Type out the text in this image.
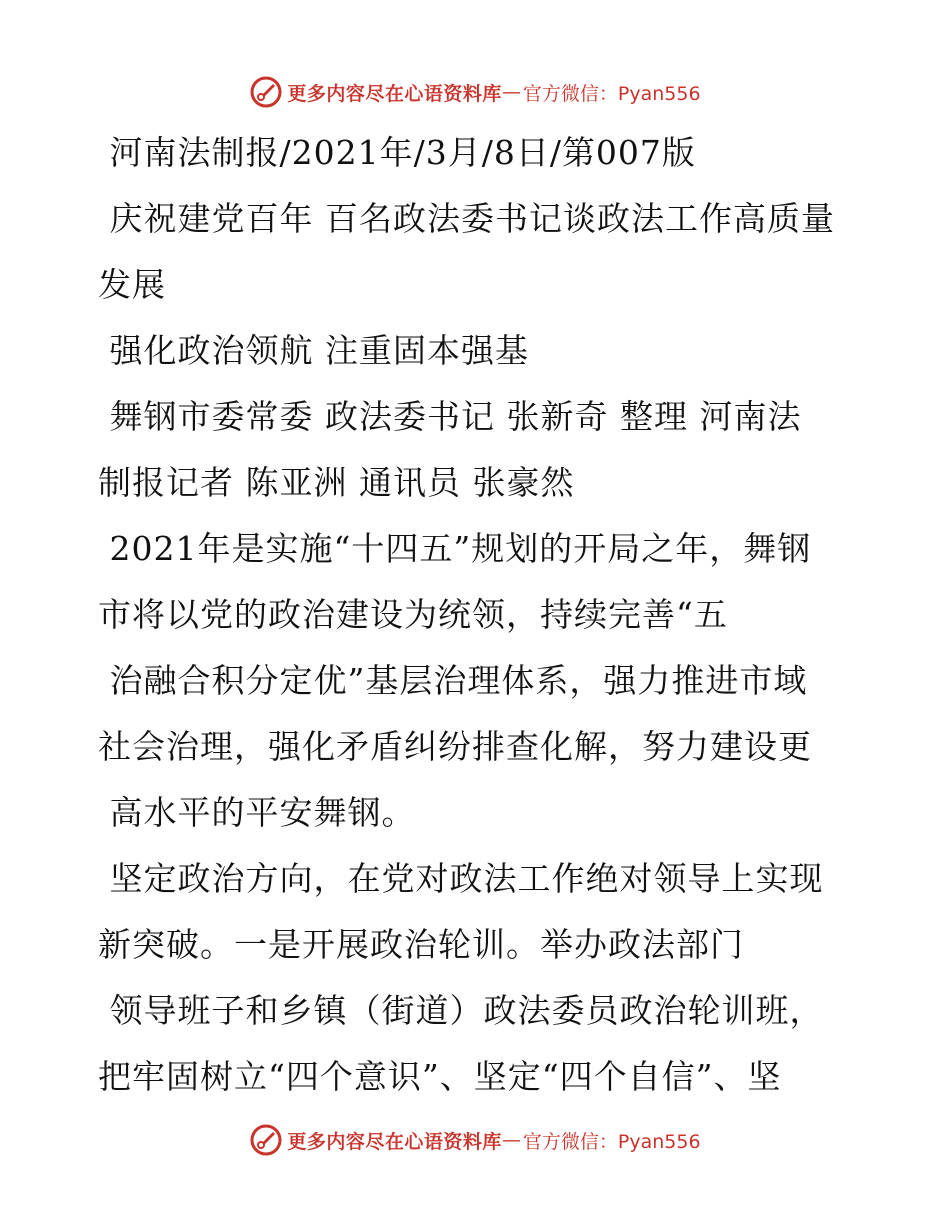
更多内容尽在心语资料库 — 官方微信：Pyan556
河南法制报/2021年/3月/8日/第007版
庆祝建党百年 百名政法委书记谈政法工作高质量
发展
强化政治领航 注重固本强基
舞钢市委常委 政法委书记 张新奇 整理 河南法
制报记者 陈亚洲 通讯员 张豪然
2021年是实施“十四五”规划的开局之年，舞钢
市将以党的政治建设为统领，持续完善“五
治融合积分定优”基层治理体系，强力推进市域
社会治理，强化矛盾纠纷排查化解，努力建设更
高水平的平安舞钢。
坚定政治方向，在党对政法工作绝对领导上实现
新突破。一是开展政治轮训。举办政法部门
领导班子和乡镇（街道）政法委员政治轮训班，
把牢固树立“四个意识”、坚定“四个自信”、坚
更多内容尽在心语资料库 — 官方微信：Pyan556
